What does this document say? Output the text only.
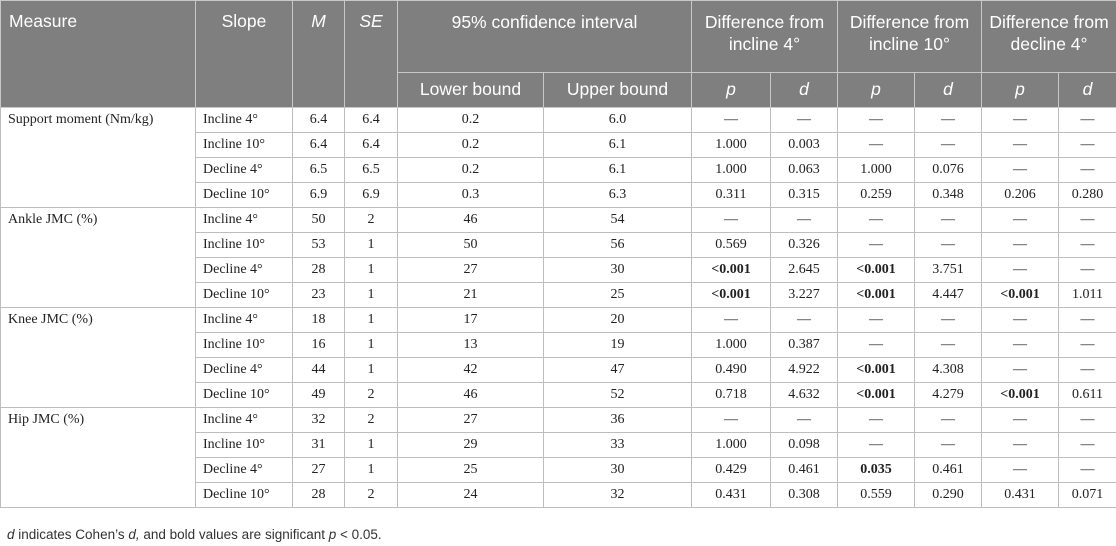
Measure	Slope	M	SE	95% confidence interval		Difference from incline 4°		Difference from incline 10°		Difference from decline 4°	
				Lower bound	Upper bound	p	d	p	d	p	d
Support moment (Nm/kg)	Incline 4°	6.4	6.4	0.2	6.0	—	—	—	—	—	—
	Incline 10°	6.4	6.4	0.2	6.1	1.000	0.003	—	—	—	—
	Decline 4°	6.5	6.5	0.2	6.1	1.000	0.063	1.000	0.076	—	—
	Decline 10°	6.9	6.9	0.3	6.3	0.311	0.315	0.259	0.348	0.206	0.280
Ankle JMC (%)	Incline 4°	50	2	46	54	—	—	—	—	—	—
	Incline 10°	53	1	50	56	0.569	0.326	—	—	—	—
	Decline 4°	28	1	27	30	<0.001	2.645	<0.001	3.751	—	—
	Decline 10°	23	1	21	25	<0.001	3.227	<0.001	4.447	<0.001	1.011
Knee JMC (%)	Incline 4°	18	1	17	20	—	—	—	—	—	—
	Incline 10°	16	1	13	19	1.000	0.387	—	—	—	—
	Decline 4°	44	1	42	47	0.490	4.922	<0.001	4.308	—	—
	Decline 10°	49	2	46	52	0.718	4.632	<0.001	4.279	<0.001	0.611
Hip JMC (%)	Incline 4°	32	2	27	36	—	—	—	—	—	—
	Incline 10°	31	1	29	33	1.000	0.098	—	—	—	—
	Decline 4°	27	1	25	30	0.429	0.461	0.035	0.461	—	—
	Decline 10°	28	2	24	32	0.431	0.308	0.559	0.290	0.431	0.071
d indicates Cohen’s d, and bold values are significant p < 0.05.
